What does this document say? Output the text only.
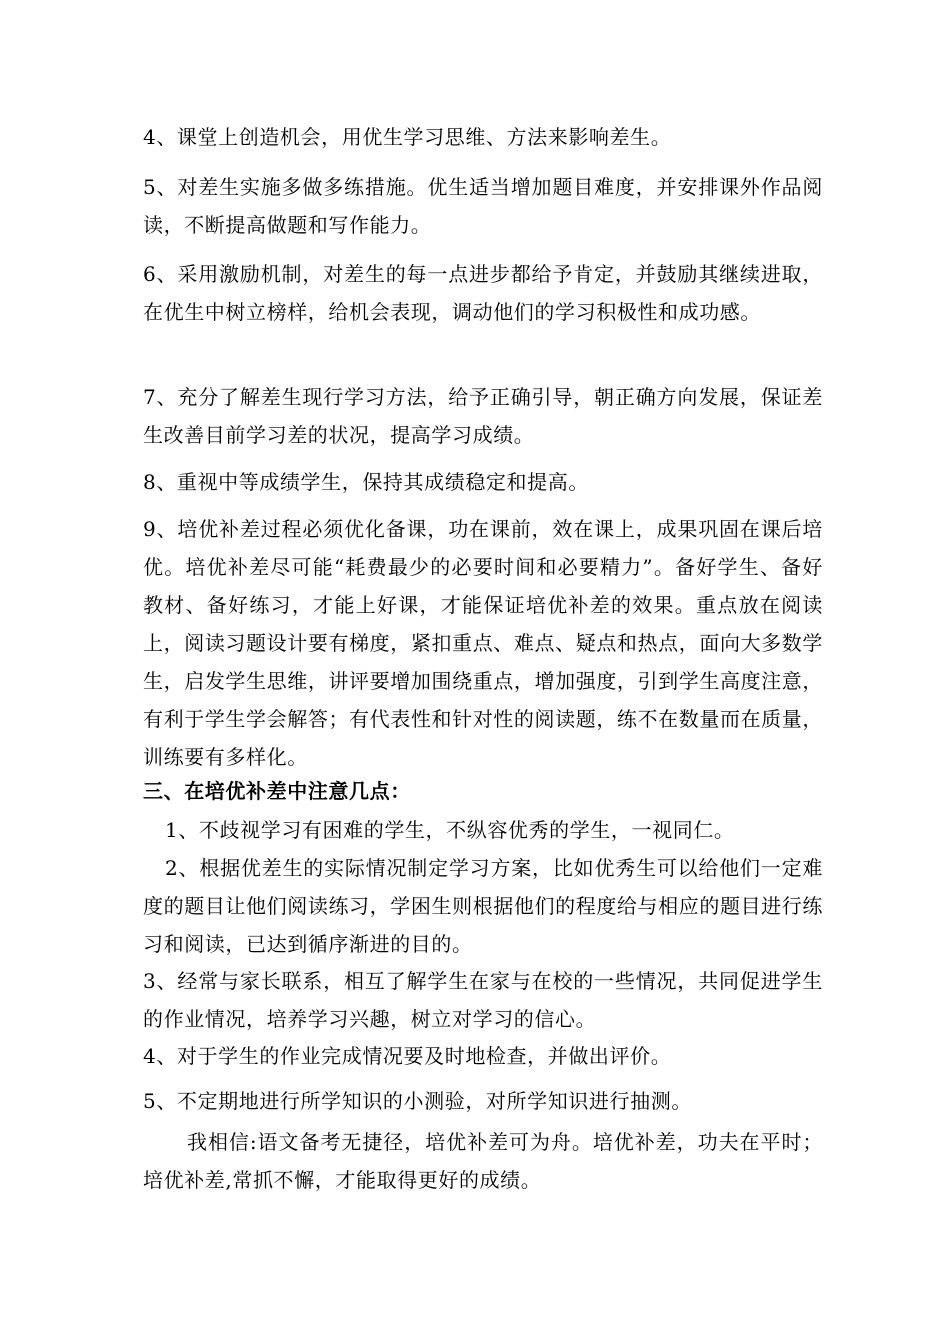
4、课堂上创造机会，用优生学习思维、方法来影响差生。

5、对差生实施多做多练措施。优生适当增加题目难度，并安排课外作品阅读，不断提高做题和写作能力。

6、采用激励机制，对差生的每一点进步都给予肯定，并鼓励其继续进取，在优生中树立榜样，给机会表现，调动他们的学习积极性和成功感。

7、充分了解差生现行学习方法，给予正确引导，朝正确方向发展，保证差生改善目前学习差的状况，提高学习成绩。

8、重视中等成绩学生，保持其成绩稳定和提高。

9、培优补差过程必须优化备课，功在课前，效在课上，成果巩固在课后培优。培优补差尽可能“耗费最少的必要时间和必要精力”。备好学生、备好教材、备好练习，才能上好课，才能保证培优补差的效果。重点放在阅读上，阅读习题设计要有梯度，紧扣重点、难点、疑点和热点，面向大多数学生，启发学生思维，讲评要增加围绕重点，增加强度，引到学生高度注意，有利于学生学会解答；有代表性和针对性的阅读题，练不在数量而在质量，训练要有多样化。

三、在培优补差中注意几点：

1、不歧视学习有困难的学生，不纵容优秀的学生，一视同仁。

2、根据优差生的实际情况制定学习方案，比如优秀生可以给他们一定难度的题目让他们阅读练习，学困生则根据他们的程度给与相应的题目进行练习和阅读，已达到循序渐进的目的。

3、经常与家长联系，相互了解学生在家与在校的一些情况，共同促进学生的作业情况，培养学习兴趣，树立对学习的信心。

4、对于学生的作业完成情况要及时地检查，并做出评价。

5、不定期地进行所学知识的小测验，对所学知识进行抽测。

我相信:语文备考无捷径，培优补差可为舟。培优补差，功夫在平时；培优补差,常抓不懈，才能取得更好的成绩。
